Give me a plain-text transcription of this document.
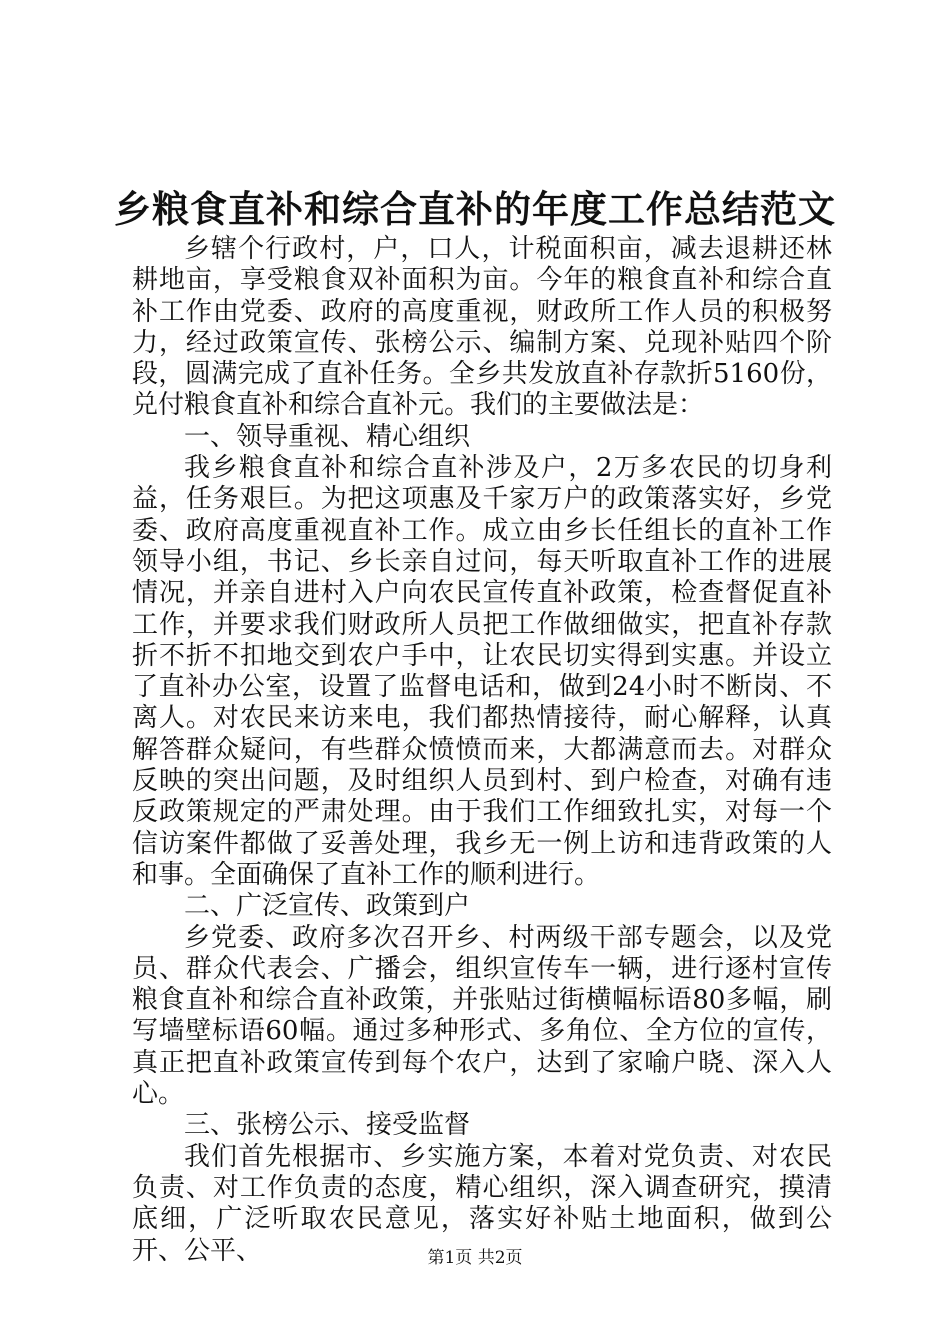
乡粮食直补和综合直补的年度工作总结范文

乡辖个行政村，户，口人，计税面积亩，减去退耕还林耕地亩，享受粮食双补面积为亩。今年的粮食直补和综合直补工作由党委、政府的高度重视，财政所工作人员的积极努力，经过政策宣传、张榜公示、编制方案、兑现补贴四个阶段，圆满完成了直补任务。全乡共发放直补存款折5160份，兑付粮食直补和综合直补元。我们的主要做法是：

一、领导重视、精心组织

我乡粮食直补和综合直补涉及户，2万多农民的切身利益，任务艰巨。为把这项惠及千家万户的政策落实好，乡党委、政府高度重视直补工作。成立由乡长任组长的直补工作领导小组，书记、乡长亲自过问，每天听取直补工作的进展情况，并亲自进村入户向农民宣传直补政策，检查督促直补工作，并要求我们财政所人员把工作做细做实，把直补存款折不折不扣地交到农户手中，让农民切实得到实惠。并设立了直补办公室，设置了监督电话和，做到24小时不断岗、不离人。对农民来访来电，我们都热情接待，耐心解释，认真解答群众疑问，有些群众愤愤而来，大都满意而去。对群众反映的突出问题，及时组织人员到村、到户检查，对确有违反政策规定的严肃处理。由于我们工作细致扎实，对每一个信访案件都做了妥善处理，我乡无一例上访和违背政策的人和事。全面确保了直补工作的顺利进行。

二、广泛宣传、政策到户

乡党委、政府多次召开乡、村两级干部专题会，以及党员、群众代表会、广播会，组织宣传车一辆，进行逐村宣传粮食直补和综合直补政策，并张贴过街横幅标语80多幅，刷写墙壁标语60幅。通过多种形式、多角位、全方位的宣传，真正把直补政策宣传到每个农户，达到了家喻户晓、深入人心。

三、张榜公示、接受监督

我们首先根据市、乡实施方案，本着对党负责、对农民负责、对工作负责的态度，精心组织，深入调查研究，摸清底细，广泛听取农民意见，落实好补贴土地面积，做到公开、公平、	第1页 共2页
